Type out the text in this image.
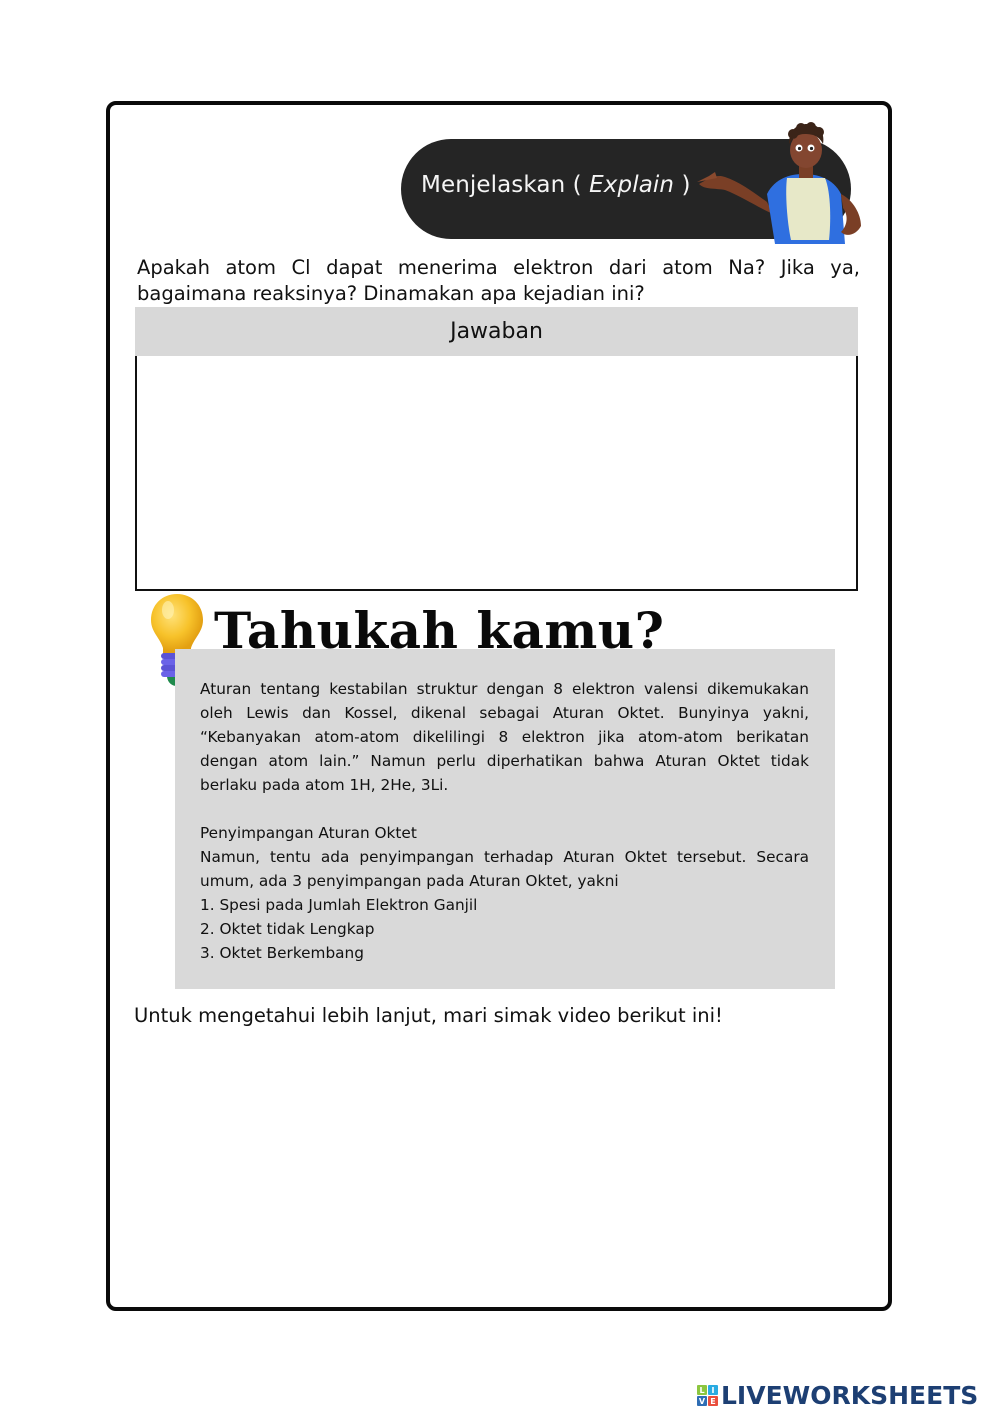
Menjelaskan ( Explain )
Apakah atom Cl dapat menerima elektron dari atom Na? Jika ya, bagaimana reaksinya? Dinamakan apa kejadian ini?
Jawaban
Tahukah kamu?

Aturan tentang kestabilan struktur dengan 8 elektron valensi dikemukakan oleh Lewis dan Kossel, dikenal sebagai Aturan Oktet. Bunyinya yakni, “Kebanyakan atom-atom dikelilingi 8 elektron jika atom-atom berikatan dengan atom lain.” Namun perlu diperhatikan bahwa Aturan Oktet tidak berlaku pada atom 1H, 2He, 3Li.

Penyimpangan Aturan Oktet

Namun, tentu ada penyimpangan terhadap Aturan Oktet tersebut. Secara umum, ada 3 penyimpangan pada Aturan Oktet, yakni

1. Spesi pada Jumlah Elektron Ganjil

2. Oktet tidak Lengkap

3. Oktet Berkembang

Untuk mengetahui lebih lanjut, mari simak video berikut ini!
L I
V E LIVEWORKSHEETS
